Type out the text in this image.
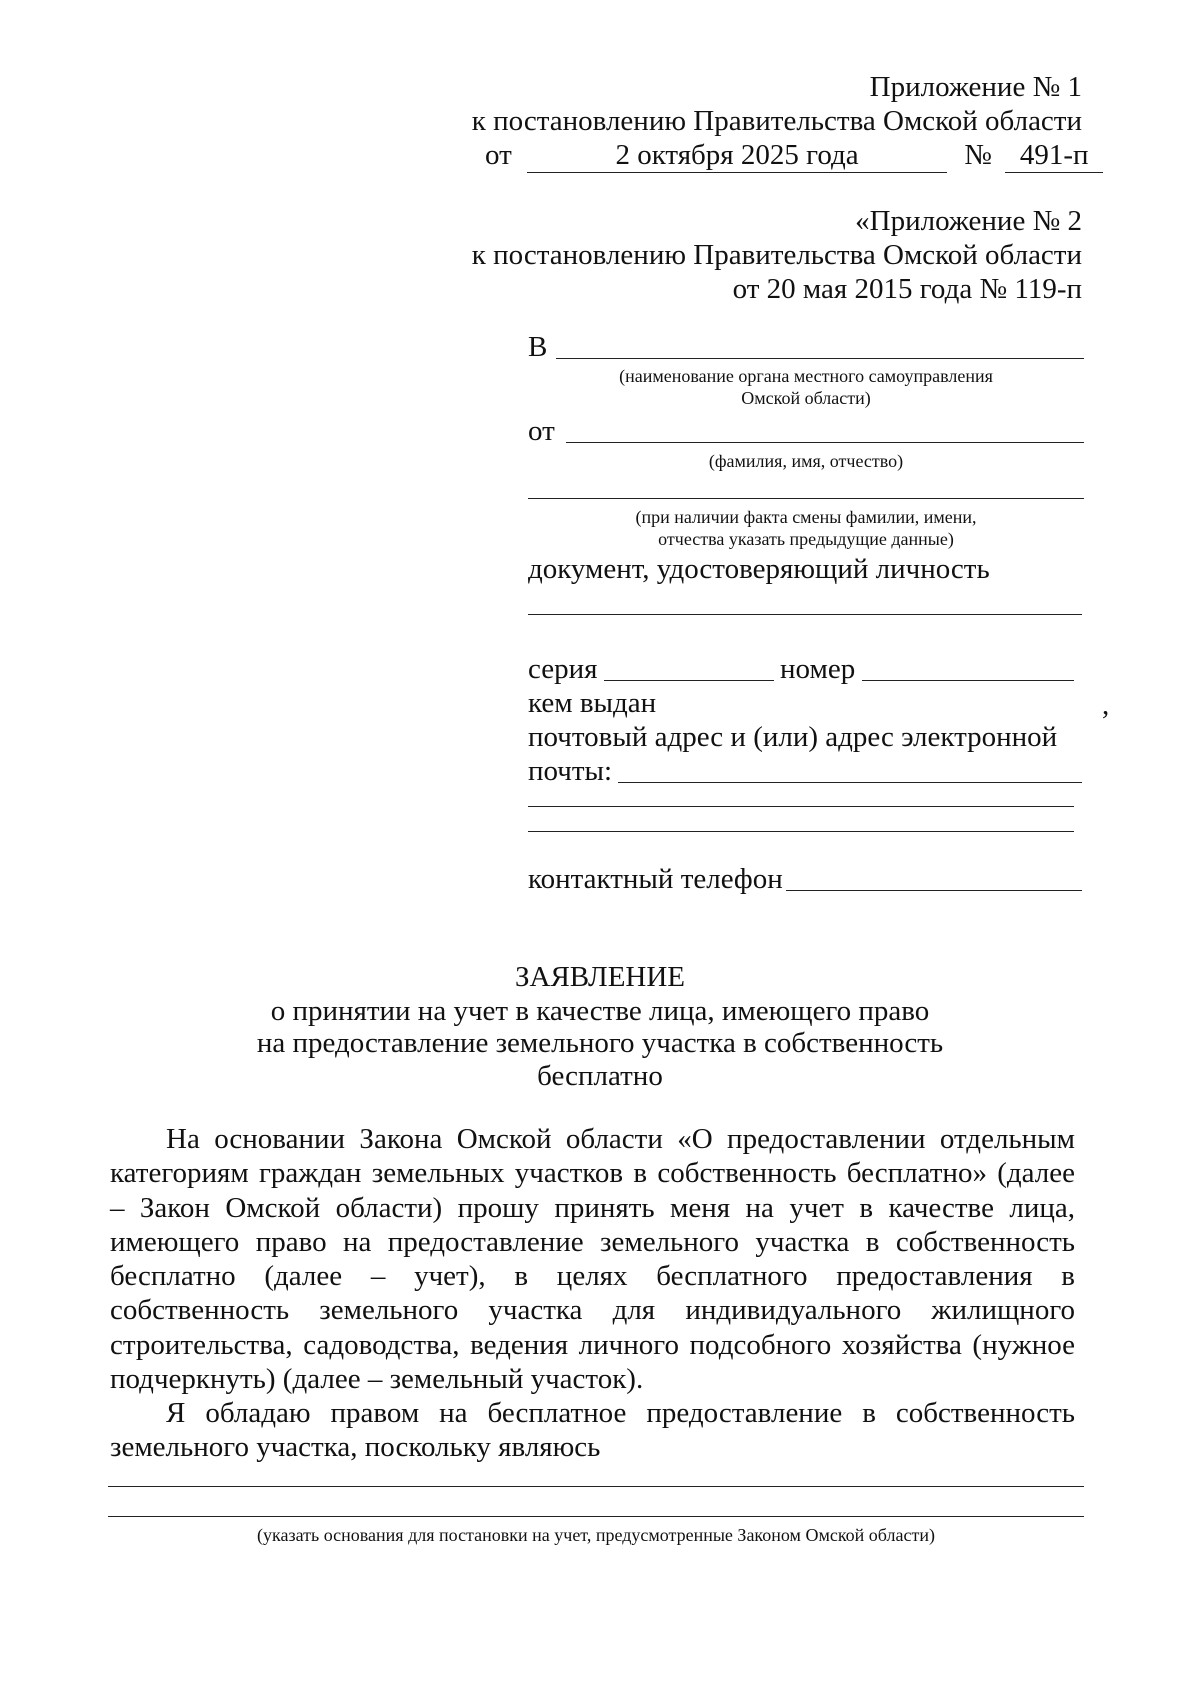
Приложение № 1
к постановлению Правительства Омской области
от	2 октября 2025 года	№ 491-п
«Приложение № 2
к постановлению Правительства Омской области
от 20 мая 2015 года № 119-п
В
(наименование органа местного самоуправления
Омской области)
от
(фамилия, имя, отчество)
(при наличии факта смены фамилии, имени,
отчества указать предыдущие данные)
документ, удостоверяющий личность
серия	номер
кем выдан	,
почтовый адрес и (или) адрес электронной
почты:
контактный телефон
ЗАЯВЛЕНИЕ
о принятии на учет в качестве лица, имеющего право
на предоставление земельного участка в собственность
бесплатно
На основании Закона Омской области «О предоставлении отдельным категориям граждан земельных участков в собственность бесплатно» (далее – Закон Омской области) прошу принять меня на учет в качестве лица, имеющего право на предоставление земельного участка в собственность бесплатно (далее – учет), в целях бесплатного предоставления в собственность земельного участка для индивидуального жилищного строительства, садоводства, ведения личного подсобного хозяйства (нужное подчеркнуть) (далее – земельный участок).
Я обладаю правом на бесплатное предоставление в собственность земельного участка, поскольку являюсь
(указать основания для постановки на учет, предусмотренные Законом Омской области)
